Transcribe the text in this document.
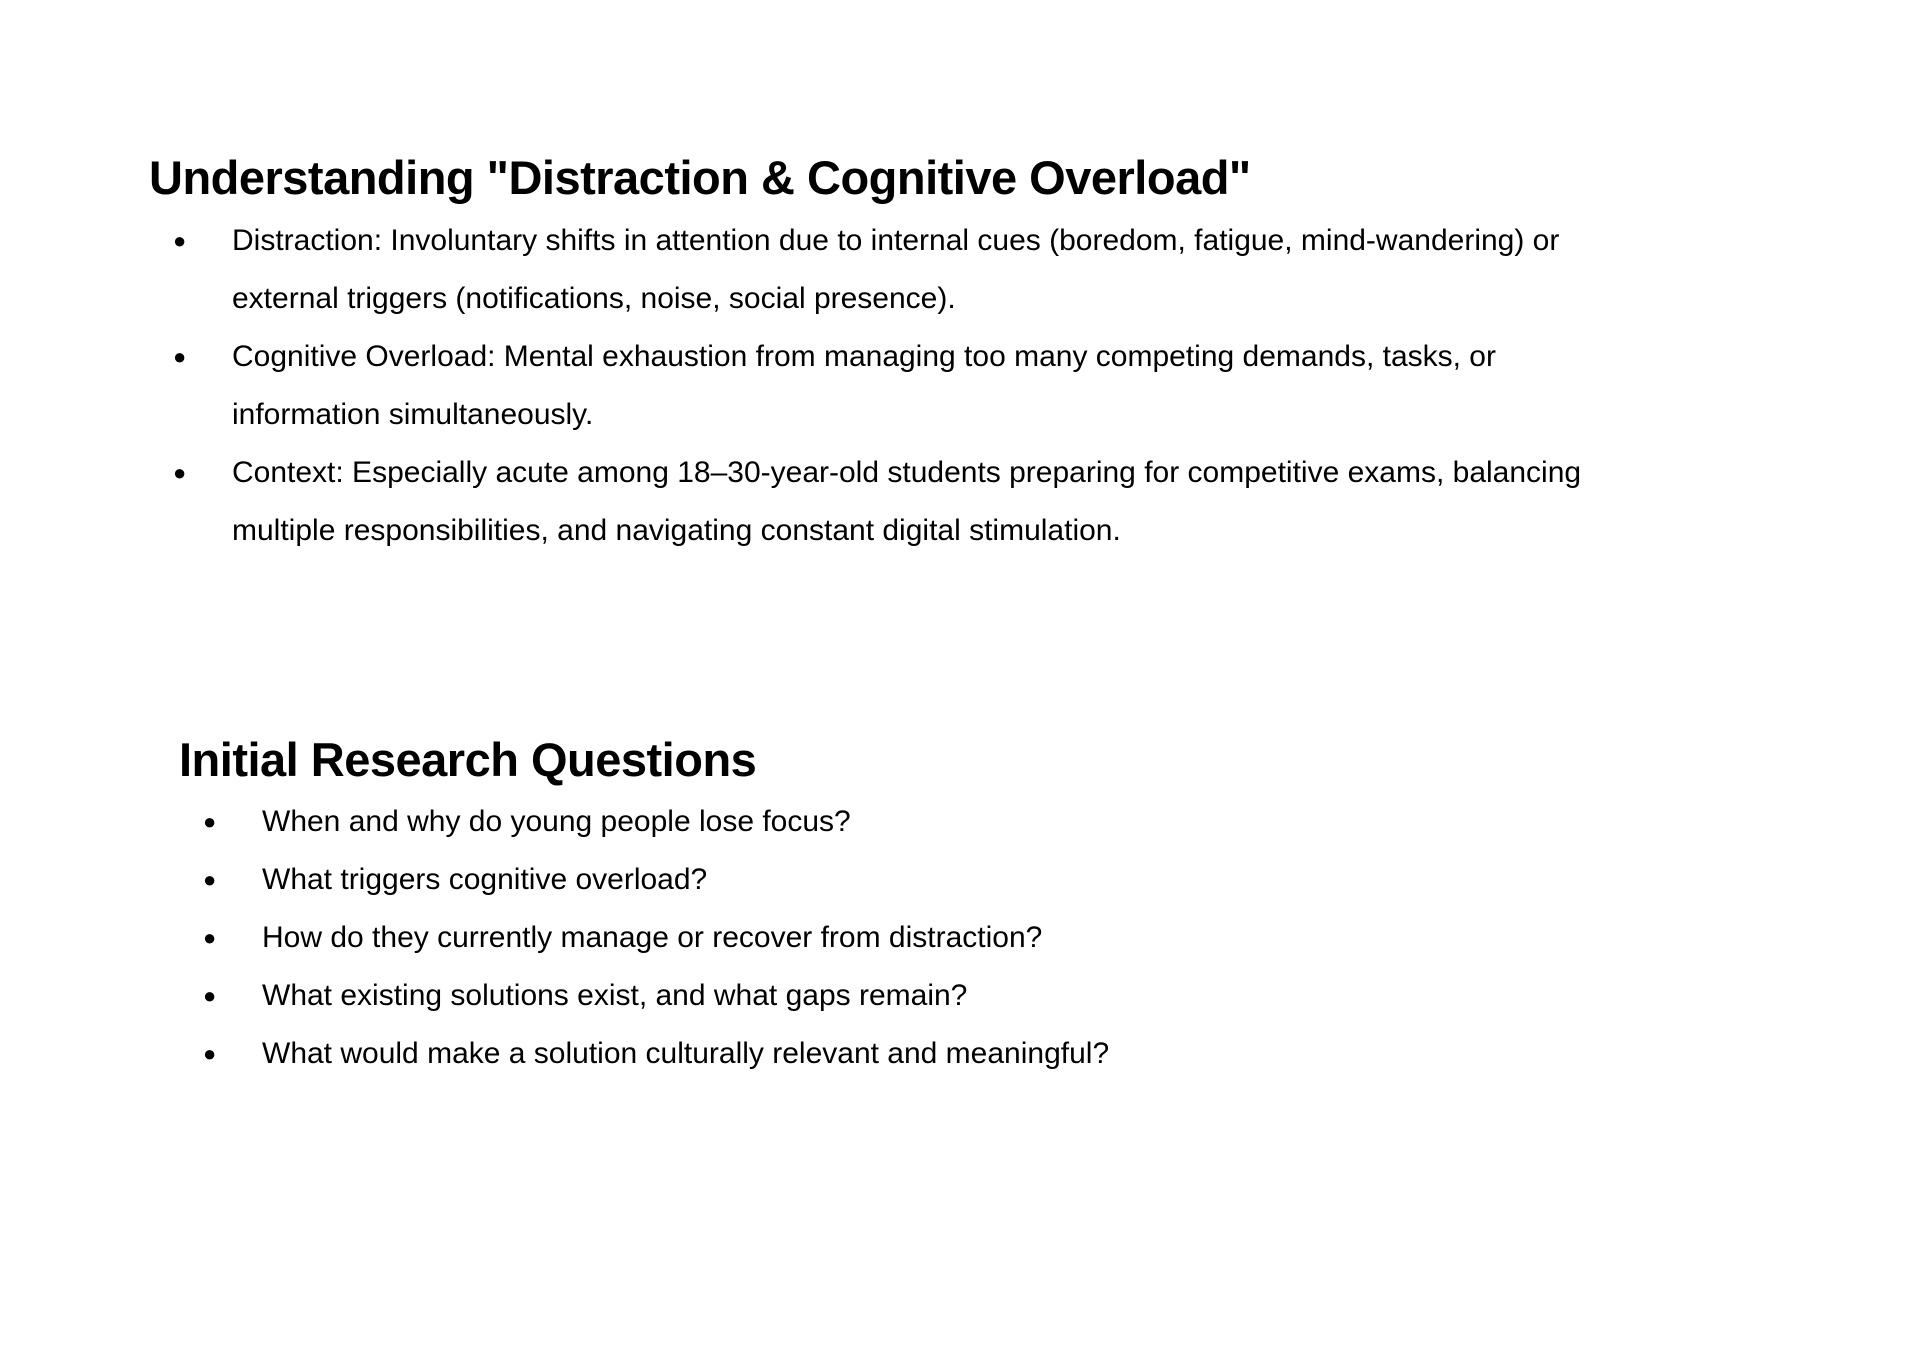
Understanding "Distraction & Cognitive Overload"
● Distraction: Involuntary shifts in attention due to internal cues (boredom, fatigue, mind-wandering) or external triggers (notifications, noise, social presence).
● Cognitive Overload: Mental exhaustion from managing too many competing demands, tasks, or information simultaneously.
● Context: Especially acute among 18–30-year-old students preparing for competitive exams, balancing multiple responsibilities, and navigating constant digital stimulation.
Initial Research Questions
● When and why do young people lose focus?
● What triggers cognitive overload?
● How do they currently manage or recover from distraction?
● What existing solutions exist, and what gaps remain?
● What would make a solution culturally relevant and meaningful?
